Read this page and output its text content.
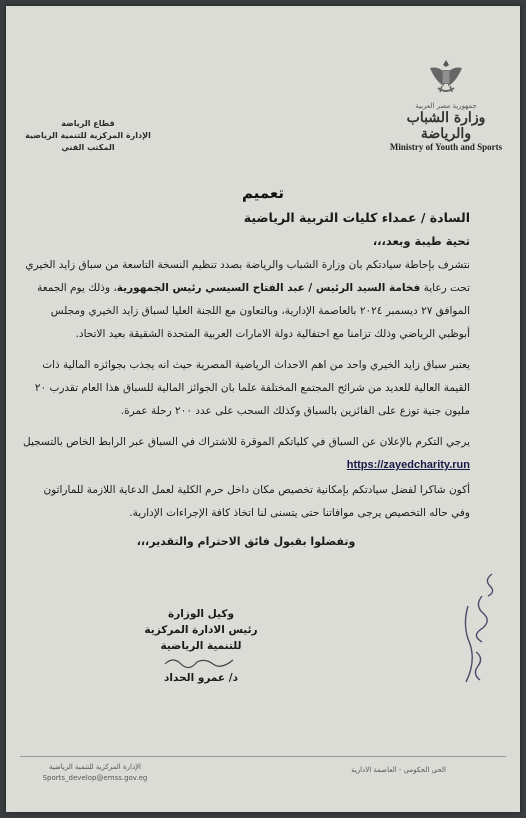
جمهورية مصر العربية
وزارة الشباب والرياضة
Ministry of Youth and Sports
قطاع الرياضة
الإدارة المركزية للتنمية الرياضية
المكتب الفني
تعميم
السادة / عمداء كليات التربية الرياضية
تحية طيبة وبعد،،،
نتشرف بإحاطة سيادتكم بان وزارة الشباب والرياضة بصدد تنظيم النسخة التاسعة من سباق زايد الخيري تحت رعاية فخامة السيد الرئيس / عبد الفتاح السيسي رئيس الجمهورية، وذلك يوم الجمعة الموافق ٢٧ ديسمبر ٢٠٢٤ بالعاصمة الإدارية، وبالتعاون مع اللجنة العليا لسباق زايد الخيري ومجلس أبوظبي الرياضي وذلك تزامنا مع احتفالية دولة الامارات العربية المتحدة الشقيقة بعيد الاتحاد.
يعتبر سباق زايد الخيري واحد من اهم الاحداث الرياضية المصرية حيث انه يجذب بجوائزه المالية ذات القيمة العالية للعديد من شرائح المجتمع المختلفة علما بان الجوائز المالية للسباق هذا العام تقدرب ٢٠ مليون جنية توزع على الفائزين بالسباق وكذلك السحب على عدد ٢٠٠ رحلة عمرة.
يرجي التكرم بالإعلان عن السباق في كلياتكم الموقرة للاشتراك في السباق عبر الرابط الخاص بالتسجيل https://zayedcharity.run
أكون شاكرا لفضل سيادتكم بإمكانية تخصيص مكان داخل حرم الكلية لعمل الدعاية اللازمة للماراثون وفي حاله التخصيص يرجى موافاتنا حتى يتسنى لنا اتخاذ كافة الإجراءات الإدارية.
وتفضلوا بقبول فائق الاحترام والتقدير،،،
وكيل الوزارة
رئيس الادارة المركزية للتنمية الرياضية
د/ عمرو الحداد
الإدارة المركزية للتنمية الرياضية
Sports_develop@emss.gov.eg
الحي الحكومي - العاصمة الادارية
